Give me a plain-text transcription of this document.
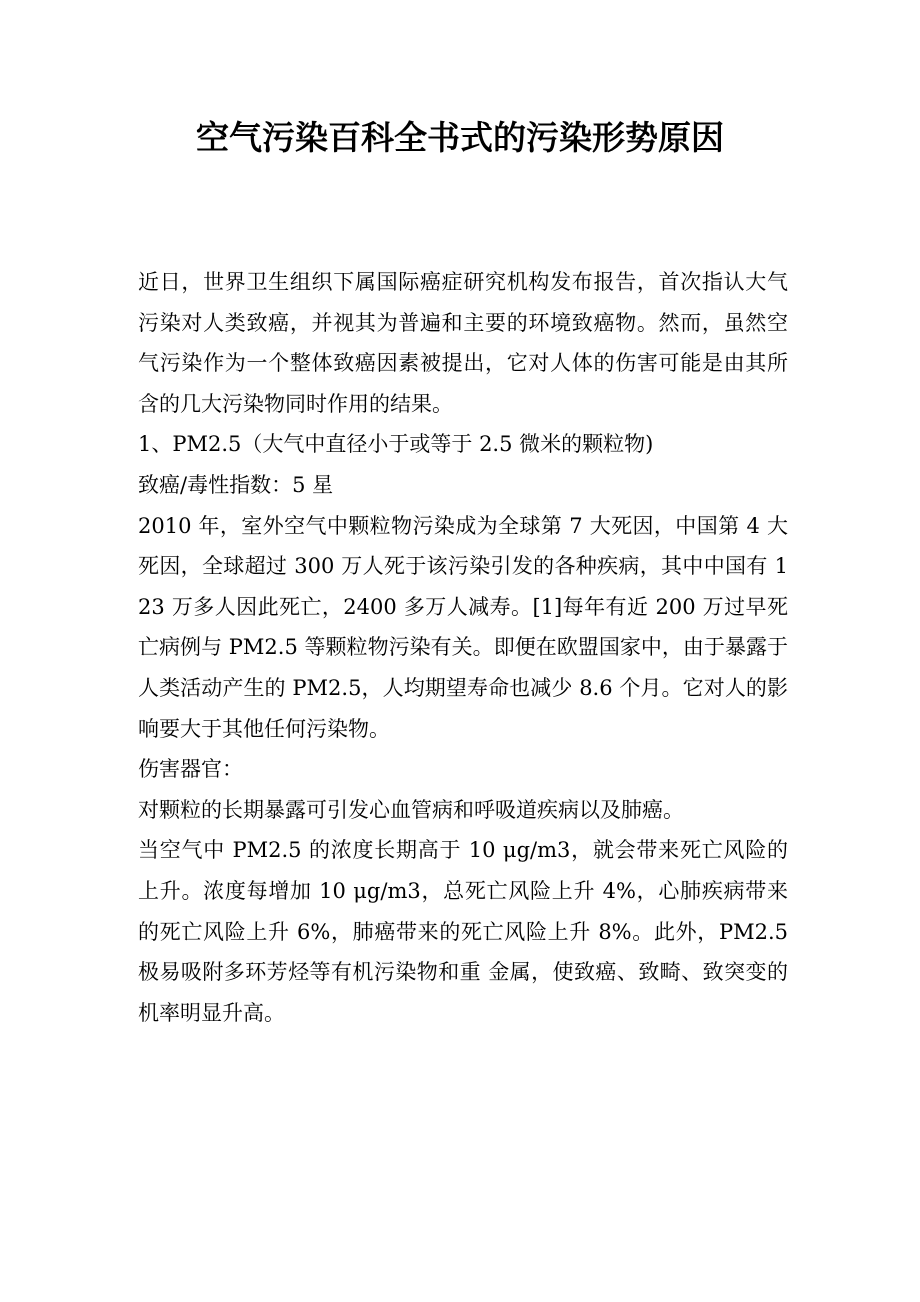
空气污染百科全书式的污染形势原因

近日，世界卫生组织下属国际癌症研究机构发布报告，首次指认大气污染对人类致癌，并视其为普遍和主要的环境致癌物。然而，虽然空气污染作为一个整体致癌因素被提出，它对人体的伤害可能是由其所含的几大污染物同时作用的结果。

1、PM2.5（大气中直径小于或等于 2.5 微米的颗粒物)

致癌/毒性指数：5 星

2010 年，室外空气中颗粒物污染成为全球第 7 大死因，中国第 4 大死因，全球超过 300 万人死于该污染引发的各种疾病，其中中国有 123 万多人因此死亡，2400 多万人减寿。[1]每年有近 200 万过早死亡病例与 PM2.5 等颗粒物污染有关。即便在欧盟国家中，由于暴露于人类活动产生的 PM2.5，人均期望寿命也减少 8.6 个月。它对人的影响要大于其他任何污染物。

伤害器官：

对颗粒的长期暴露可引发心血管病和呼吸道疾病以及肺癌。

当空气中 PM2.5 的浓度长期高于 10 μg/m3，就会带来死亡风险的上升。浓度每增加 10 μg/m3，总死亡风险上升 4%，心肺疾病带来的死亡风险上升 6%，肺癌带来的死亡风险上升 8%。此外，PM2.5 极易吸附多环芳烃等有机污染物和重 金属，使致癌、致畸、致突变的机率明显升高。
